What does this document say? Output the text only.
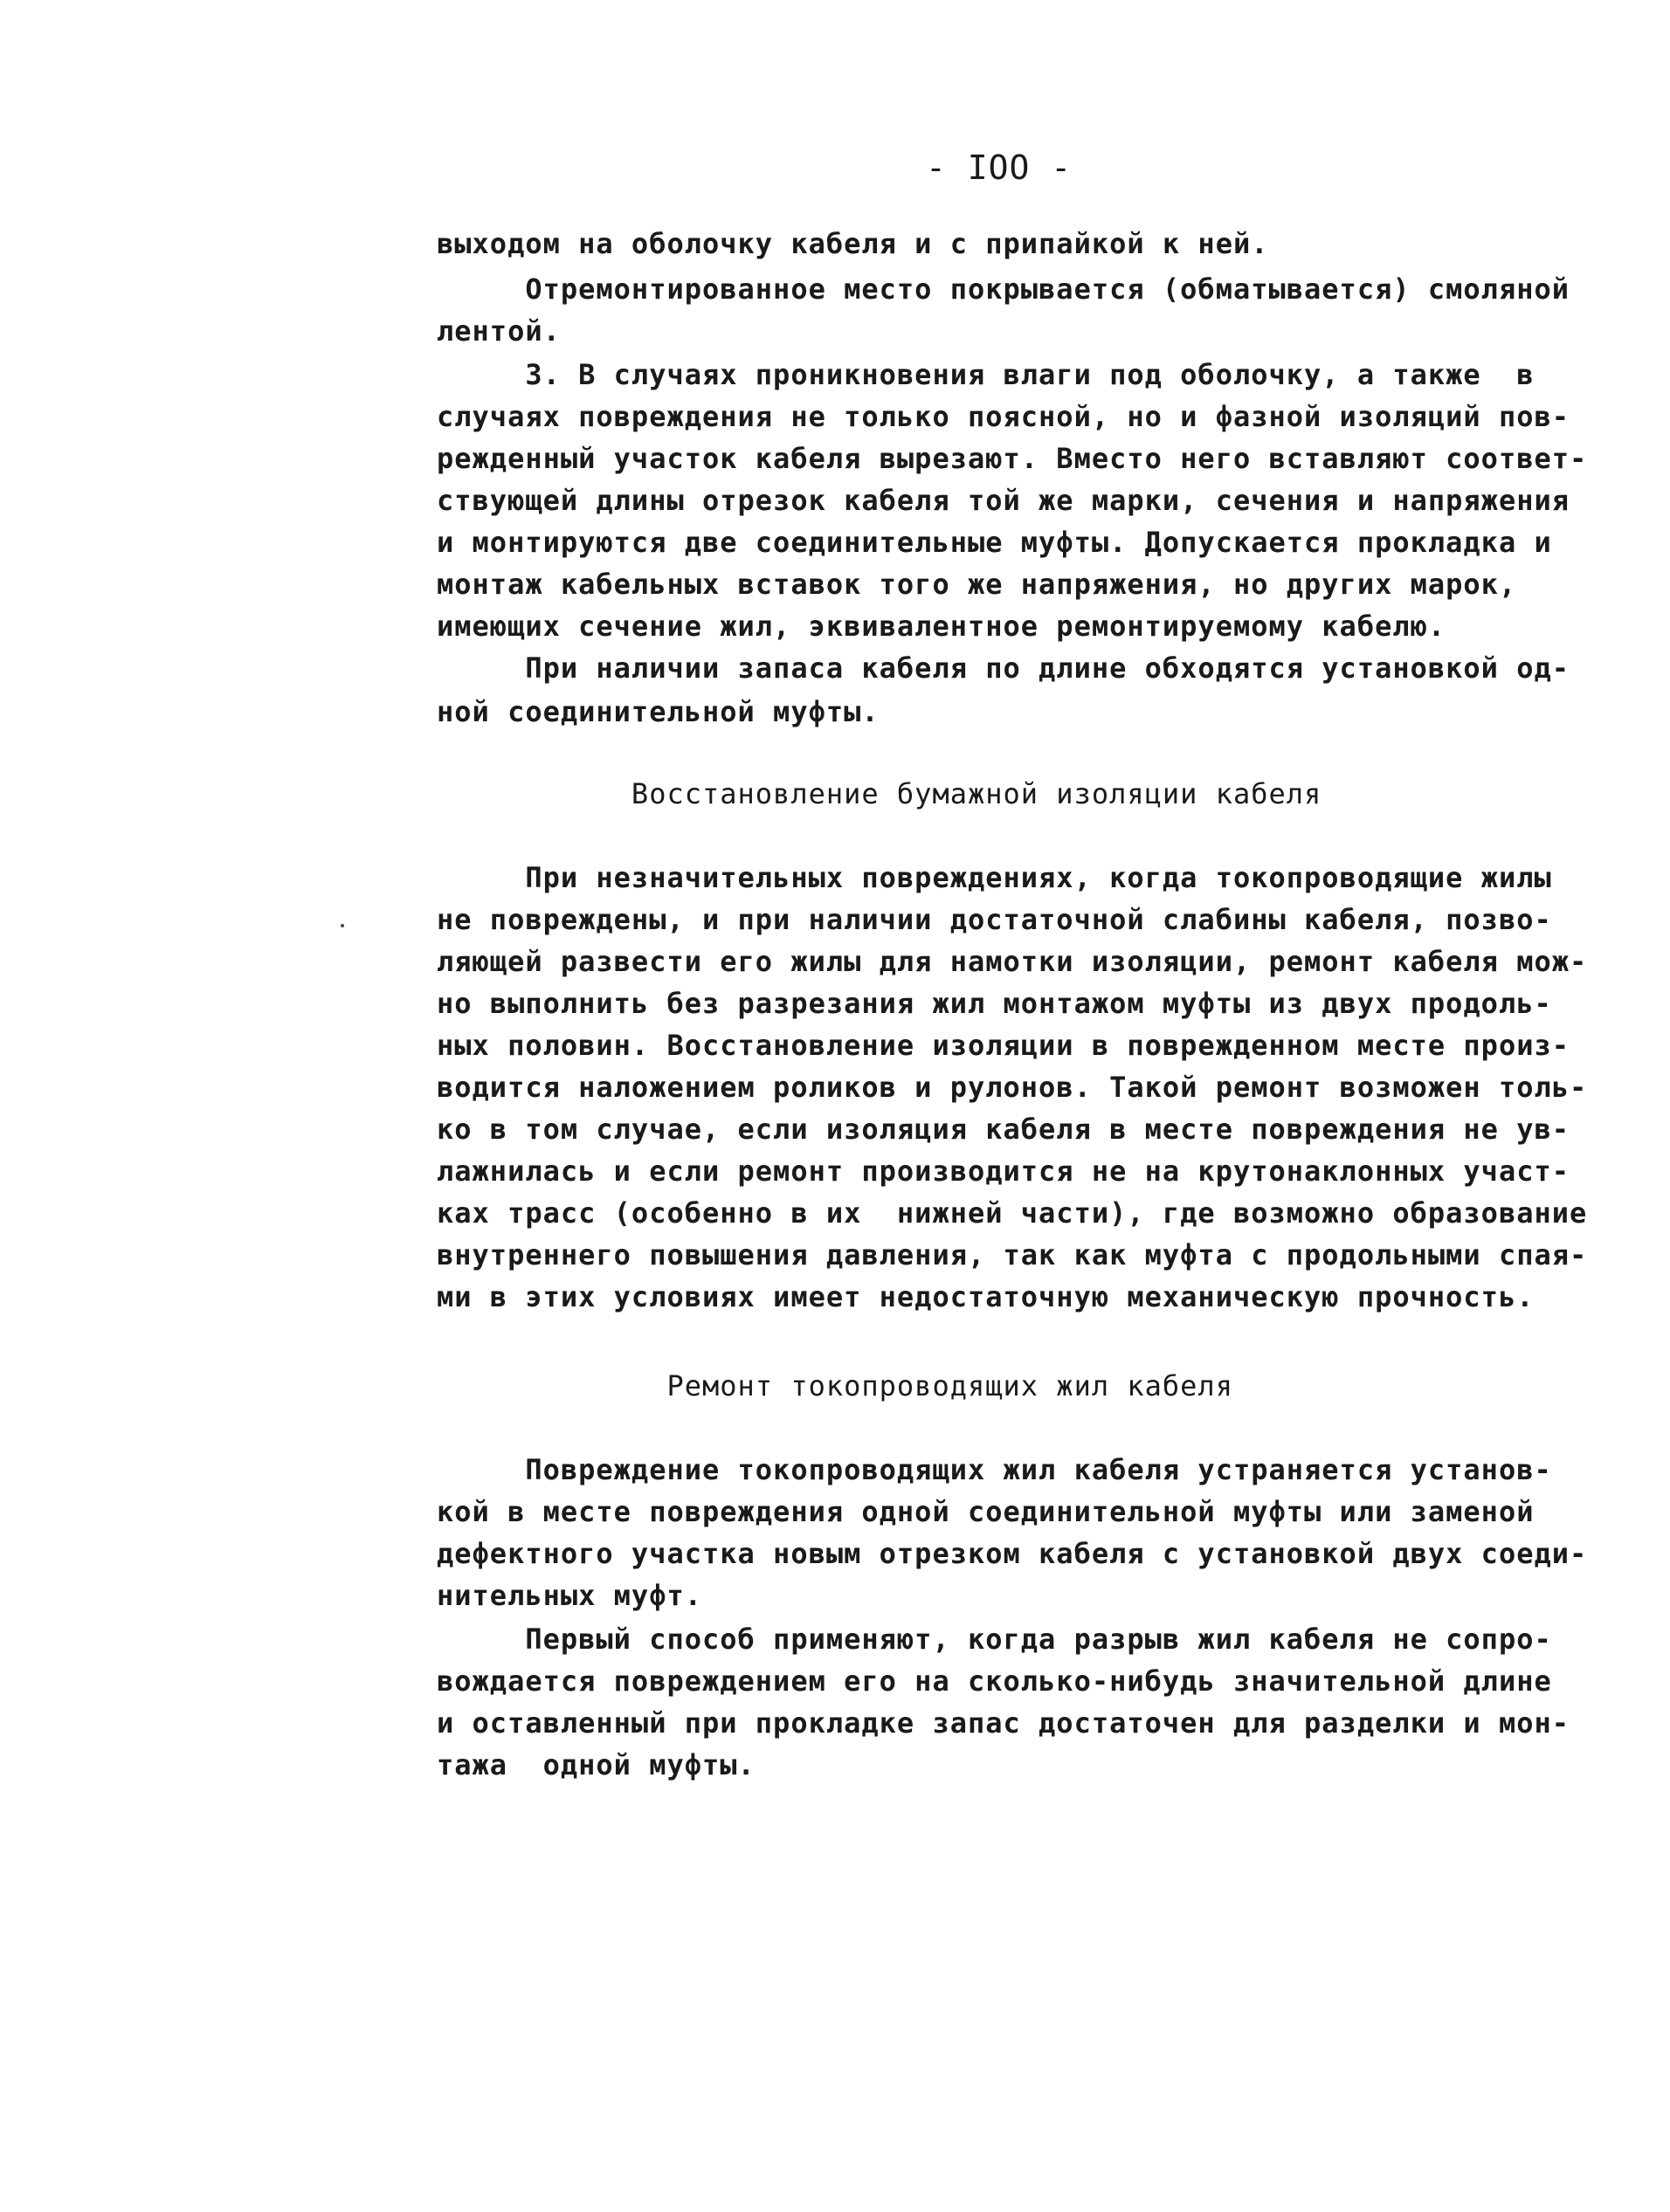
- IOO -
выходом на оболочку кабеля и с припайкой к ней.
Отремонтированное место покрывается (обматывается) смоляной
лентой.
3. В случаях проникновения влаги под оболочку, а также  в
случаях повреждения не только поясной, но и фазной изоляций пов-
режденный участок кабеля вырезают. Вместо него вставляют соответ-
ствующей длины отрезок кабеля той же марки, сечения и напряжения
и монтируются две соединительные муфты. Допускается прокладка и
монтаж кабельных вставок того же напряжения, но других марок,
имеющих сечение жил, эквивалентное ремонтируемому кабелю.
При наличии запаса кабеля по длине обходятся установкой од-
ной соединительной муфты.
Восстановление бумажной изоляции кабеля
При незначительных повреждениях, когда токопроводящие жилы
не повреждены, и при наличии достаточной слабины кабеля, позво-
ляющей развести его жилы для намотки изоляции, ремонт кабеля мож-
но выполнить без разрезания жил монтажом муфты из двух продоль-
ных половин. Восстановление изоляции в поврежденном месте произ-
водится наложением роликов и рулонов. Такой ремонт возможен толь-
ко в том случае, если изоляция кабеля в месте повреждения не ув-
лажнилась и если ремонт производится не на крутонаклонных участ-
ках трасс (особенно в их  нижней части), где возможно образование
внутреннего повышения давления, так как муфта с продольными спая-
ми в этих условиях имеет недостаточную механическую прочность.
Ремонт токопроводящих жил кабеля
Повреждение токопроводящих жил кабеля устраняется установ-
кой в месте повреждения одной соединительной муфты или заменой
дефектного участка новым отрезком кабеля с установкой двух соеди-
нительных муфт.
Первый способ применяют, когда разрыв жил кабеля не сопро-
вождается повреждением его на сколько-нибудь значительной длине
и оставленный при прокладке запас достаточен для разделки и мон-
тажа  одной муфты.
